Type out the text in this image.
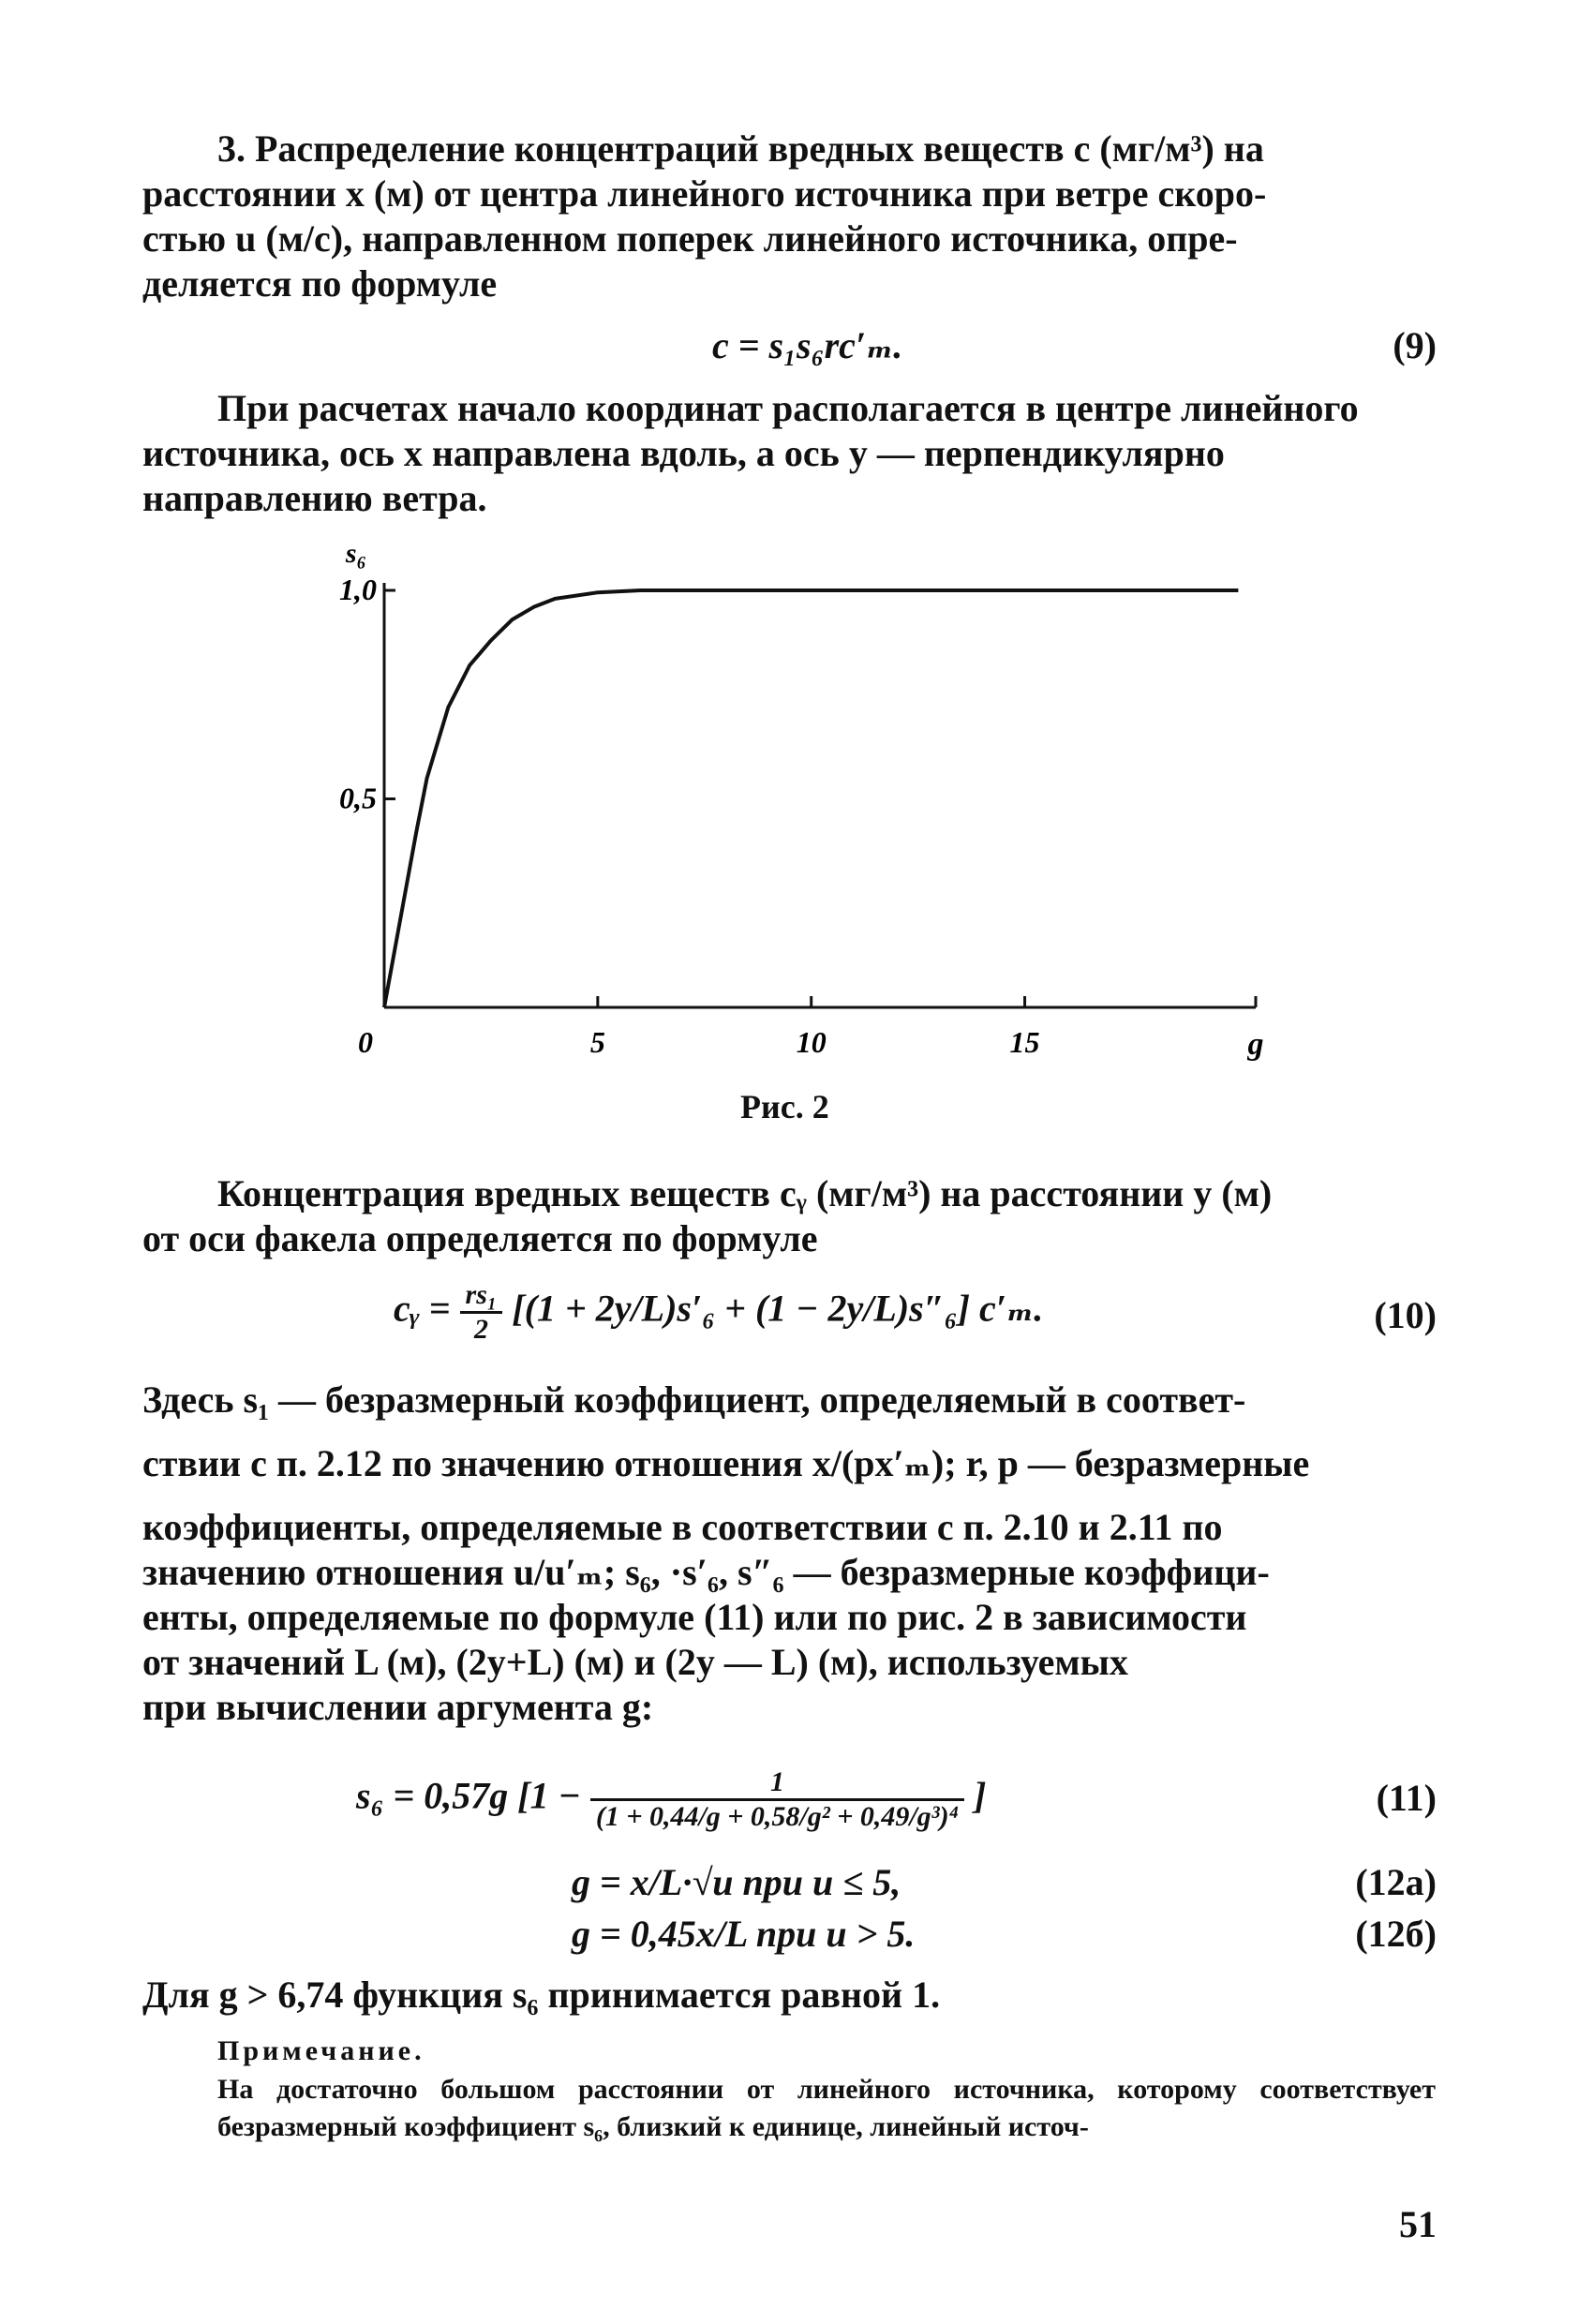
3. Распределение концентраций вредных веществ c (мг/м³) на
расстоянии x (м) от центра линейного источника при ветре скоро-
стью u (м/с), направленном поперек линейного источника, опре-
деляется по формуле
c = s₁s₆rc′ₘ.	(9)
При расчетах начало координат располагается в центре линейного
источника, ось x направлена вдоль, а ось y — перпендикулярно
направлению ветра.
0	5	10	15	g
0,5
1,0
s₆
Рис. 2
Концентрация вредных веществ cᵧ (мг/м³) на расстоянии y (м)
от оси факела определяется по формуле
cᵧ = $\frac{\text{rs₁}}{2} [(1 + 2y/L)s'_6 + (1 - 2y/L)s''_6]$ c′ₘ.	(10)
Здесь s₁ — безразмерный коэффициент, определяемый в соответ-
ствии с п. 2.12 по значению отношения x/(px′ₘ); r, p — безразмерные
коэффициенты, определяемые в соответствии с п. 2.10 и 2.11 по
значению отношения u/u′ₘ; s₆, ·s′₆, s″₆ — безразмерные коэффици-
енты, определяемые по формуле (11) или по рис. 2 в зависимости
от значений L (м), (2y+L) (м) и (2y — L) (м), используемых
при вычислении аргумента g:
s₆ = 0,57g [$1 - \frac{1}{\text{(1 + 0,44/g + 0,58/g² + 0,49/g³)⁴}}$ ]	(11)
g = x/L·√u при u ≤ 5,	(12а)
g = 0,45x/L при u > 5.	(12б)
Для g > 6,74 функция s₆ принимается равной 1.
Примечание.
На достаточно большом расстоянии от линейного источника, которому соответствует безразмерный коэффициент s₆, близкий к единице, линейный источ-
51
